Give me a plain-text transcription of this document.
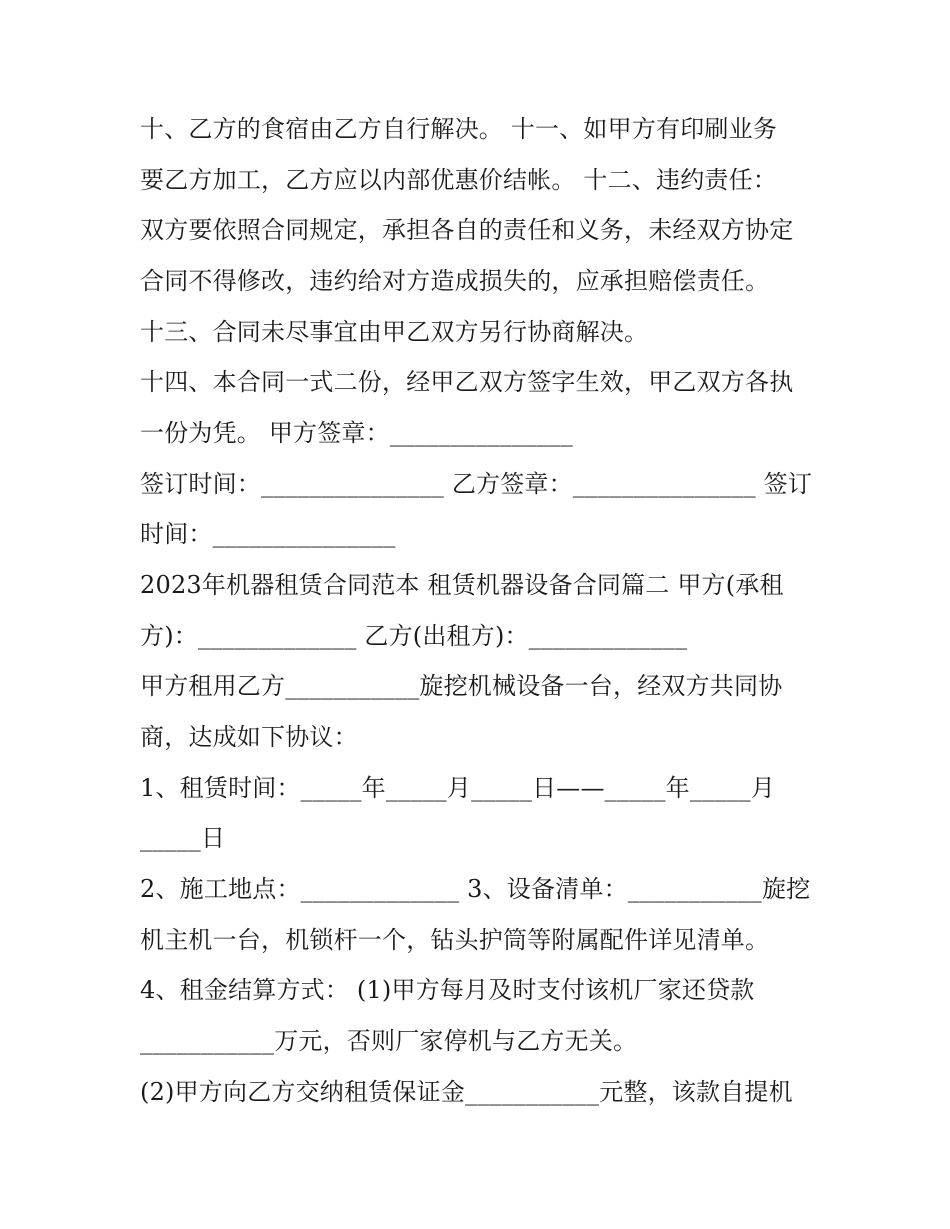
十、乙方的食宿由乙方自行解决。 十一、如甲方有印刷业务
要乙方加工，乙方应以内部优惠价结帐。 十二、违约责任：
双方要依照合同规定，承担各自的责任和义务，未经双方协定
合同不得修改，违约给对方造成损失的，应承担赔偿责任。
十三、合同未尽事宜由甲乙双方另行协商解决。
十四、本合同一式二份，经甲乙双方签字生效，甲乙双方各执
一份为凭。 甲方签章：_______________
签订时间：_______________ 乙方签章：_______________ 签订
时间：_______________
2023年机器租赁合同范本 租赁机器设备合同篇二 甲方(承租
方)：_____________ 乙方(出租方)：_____________
甲方租用乙方___________旋挖机械设备一台，经双方共同协
商，达成如下协议：
1、租赁时间：_____年_____月_____日——_____年_____月
_____日
2、施工地点：_____________ 3、设备清单：___________旋挖
机主机一台，机锁杆一个，钻头护筒等附属配件详见清单。
4、租金结算方式： (1)甲方每月及时支付该机厂家还贷款
___________万元，否则厂家停机与乙方无关。
(2)甲方向乙方交纳租赁保证金___________元整，该款自提机
